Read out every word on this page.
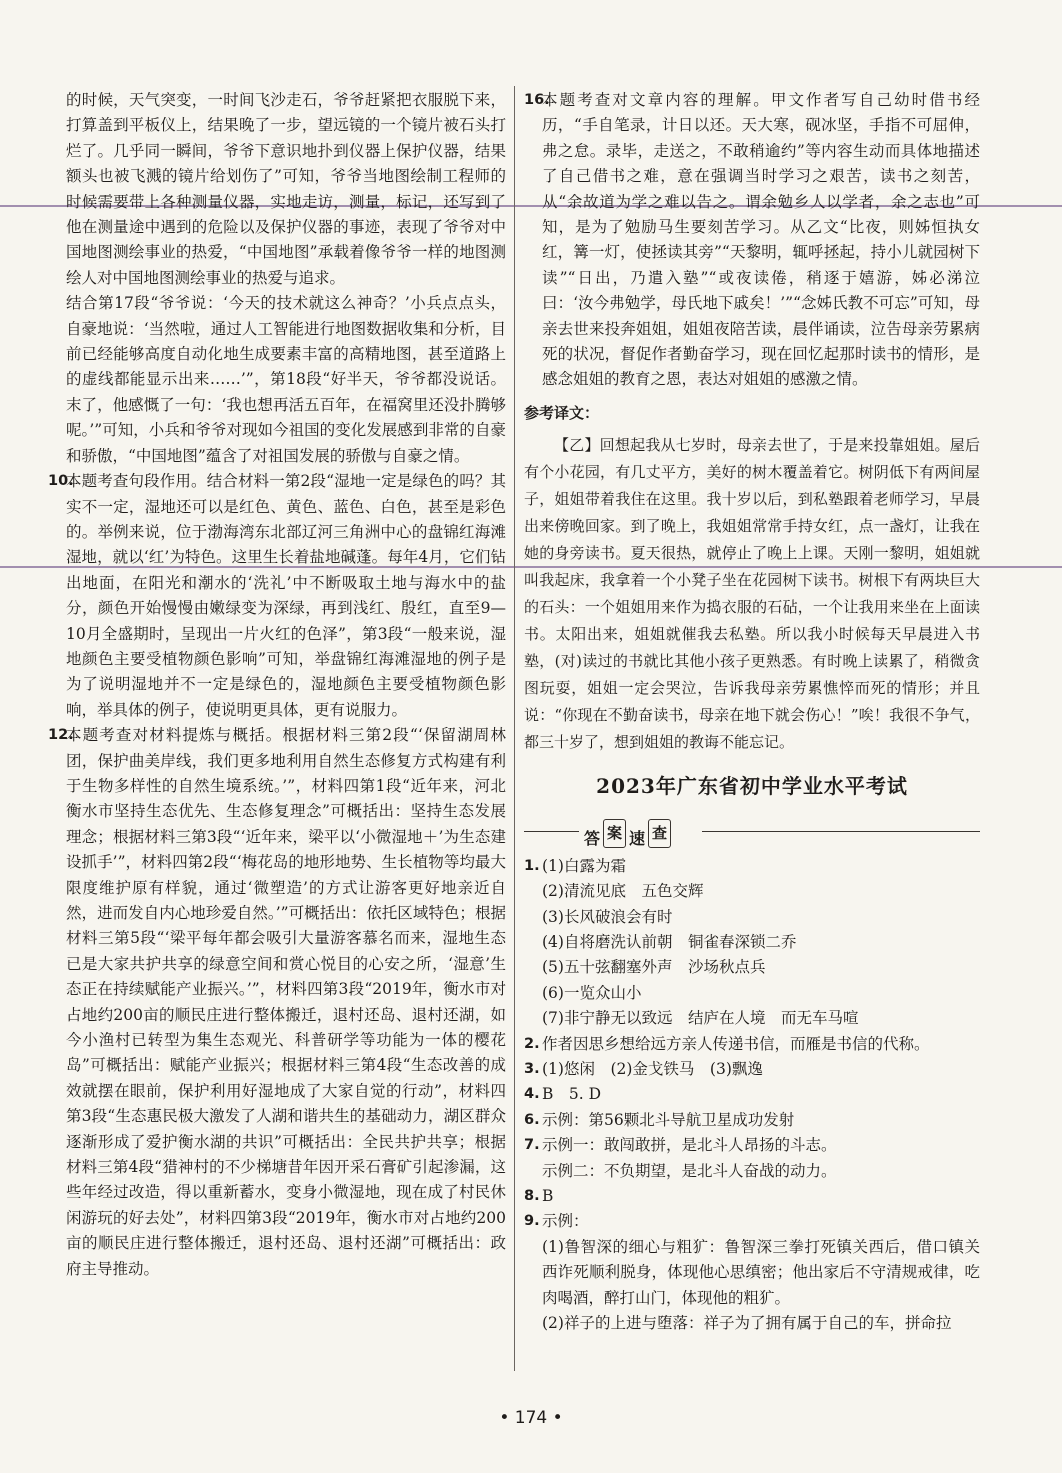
的时候，天气突变，一时间飞沙走石，爷爷赶紧把衣服脱下来，打算盖到平板仪上，结果晚了一步，望远镜的一个镜片被石头打烂了。几乎同一瞬间，爷爷下意识地扑到仪器上保护仪器，结果额头也被飞溅的镜片给划伤了”可知，爷爷当地图绘制工程师的时候需要带上各种测量仪器，实地走访，测量，标记，还写到了他在测量途中遇到的危险以及保护仪器的事迹，表现了爷爷对中国地图测绘事业的热爱，“中国地图”承载着像爷爷一样的地图测绘人对中国地图测绘事业的热爱与追求。

结合第17段“爷爷说：‘今天的技术就这么神奇？’小兵点点头，自豪地说：‘当然啦，通过人工智能进行地图数据收集和分析，目前已经能够高度自动化地生成要素丰富的高精地图，甚至道路上的虚线都能显示出来……’”，第18段“好半天，爷爷都没说话。末了，他感慨了一句：‘我也想再活五百年，在福窝里还没扑腾够呢。’”可知，小兵和爷爷对现如今祖国的变化发展感到非常的自豪和骄傲，“中国地图”蕴含了对祖国发展的骄傲与自豪之情。

10.
本题考查句段作用。结合材料一第2段“湿地一定是绿色的吗？其实不一定，湿地还可以是红色、黄色、蓝色、白色，甚至是彩色的。举例来说，位于渤海湾东北部辽河三角洲中心的盘锦红海滩湿地，就以‘红’为特色。这里生长着盐地碱蓬。每年4月，它们钻出地面，在阳光和潮水的‘洗礼’中不断吸取土地与海水中的盐分，颜色开始慢慢由嫩绿变为深绿，再到浅红、殷红，直至9—10月全盛期时，呈现出一片火红的色泽”，第3段“一般来说，湿地颜色主要受植物颜色影响”可知，举盘锦红海滩湿地的例子是为了说明湿地并不一定是绿色的，湿地颜色主要受植物颜色影响，举具体的例子，使说明更具体，更有说服力。
12.
本题考查对材料提炼与概括。根据材料三第2段“‘保留湖周林团，保护曲美岸线，我们更多地利用自然生态修复方式构建有利于生物多样性的自然生境系统。’”，材料四第1段“近年来，河北衡水市坚持生态优先、生态修复理念”可概括出：坚持生态发展理念；根据材料三第3段“‘近年来，梁平以‘小微湿地＋’为生态建设抓手’”，材料四第2段“‘梅花岛的地形地势、生长植物等均最大限度维护原有样貌，通过‘微塑造’的方式让游客更好地亲近自然，进而发自内心地珍爱自然。’”可概括出：依托区域特色；根据材料三第5段“‘梁平每年都会吸引大量游客慕名而来，湿地生态已是大家共护共享的绿意空间和赏心悦目的心安之所，‘湿意’生态正在持续赋能产业振兴。’”，材料四第3段“2019年，衡水市对占地约200亩的顺民庄进行整体搬迁，退村还岛、退村还湖，如今小渔村已转型为集生态观光、科普研学等功能为一体的樱花岛”可概括出：赋能产业振兴；根据材料三第4段“生态改善的成效就摆在眼前，保护利用好湿地成了大家自觉的行动”，材料四第3段“生态惠民极大激发了人湖和谐共生的基础动力，湖区群众逐渐形成了爱护衡水湖的共识”可概括出：全民共护共享；根据材料三第4段“猎神村的不少梯塘昔年因开采石膏矿引起渗漏，这些年经过改造，得以重新蓄水，变身小微湿地，现在成了村民休闲游玩的好去处”，材料四第3段“2019年，衡水市对占地约200亩的顺民庄进行整体搬迁，退村还岛、退村还湖”可概括出：政府主导推动。
16.
本题考查对文章内容的理解。甲文作者写自己幼时借书经历，“手自笔录，计日以还。天大寒，砚冰坚，手指不可屈伸，弗之怠。录毕，走送之，不敢稍逾约”等内容生动而具体地描述了自己借书之难，意在强调当时学习之艰苦，读书之刻苦，从“余故道为学之难以告之。谓余勉乡人以学者，余之志也”可知，是为了勉励马生要刻苦学习。从乙文“比夜，则姊恒执女红，篝一灯，使拯读其旁”“天黎明，辄呼拯起，持小儿就园树下读”“日出，乃遣入塾”“或夜读倦，稍逐于嬉游，姊必涕泣曰：‘汝今弗勉学，母氏地下戚矣！’”“念姊氏教不可忘”可知，母亲去世来投奔姐姐，姐姐夜陪苦读，晨伴诵读，泣告母亲劳累病死的状况，督促作者勤奋学习，现在回忆起那时读书的情形，是感念姐姐的教育之恩，表达对姐姐的感激之情。
参考译文：

【乙】回想起我从七岁时，母亲去世了，于是来投靠姐姐。屋后有个小花园，有几丈平方，美好的树木覆盖着它。树阴低下有两间屋子，姐姐带着我住在这里。我十岁以后，到私塾跟着老师学习，早晨出来傍晚回家。到了晚上，我姐姐常常手持女红，点一盏灯，让我在她的身旁读书。夏天很热，就停止了晚上上课。天刚一黎明，姐姐就叫我起床，我拿着一个小凳子坐在花园树下读书。树根下有两块巨大的石头：一个姐姐用来作为捣衣服的石砧，一个让我用来坐在上面读书。太阳出来，姐姐就催我去私塾。所以我小时候每天早晨进入书塾，(对)读过的书就比其他小孩子更熟悉。有时晚上读累了，稍微贪图玩耍，姐姐一定会哭泣，告诉我母亲劳累憔悴而死的情形；并且说：“你现在不勤奋读书，母亲在地下就会伤心！”唉！我很不争气，都三十岁了，想到姐姐的教诲不能忘记。

2023年广东省初中学业水平考试
答 案 速 查
1. (1)白露为霜
(2)清流见底　五色交辉
(3)长风破浪会有时
(4)自将磨洗认前朝　铜雀春深锁二乔
(5)五十弦翻塞外声　沙场秋点兵
(6)一览众山小
(7)非宁静无以致远　结庐在人境　而无车马喧
2. 作者因思乡想给远方亲人传递书信，而雁是书信的代称。
3. (1)悠闲　(2)金戈铁马　(3)飘逸
4. B　5. D
6. 示例：第56颗北斗导航卫星成功发射
7. 示例一：敢闯敢拼，是北斗人昂扬的斗志。
示例二：不负期望，是北斗人奋战的动力。
8. B
9. 示例：

(1)鲁智深的细心与粗犷：鲁智深三拳打死镇关西后，借口镇关西诈死顺利脱身，体现他心思缜密；他出家后不守清规戒律，吃肉喝酒，醉打山门，体现他的粗犷。

(2)祥子的上进与堕落：祥子为了拥有属于自己的车，拼命拉

• 174 •
